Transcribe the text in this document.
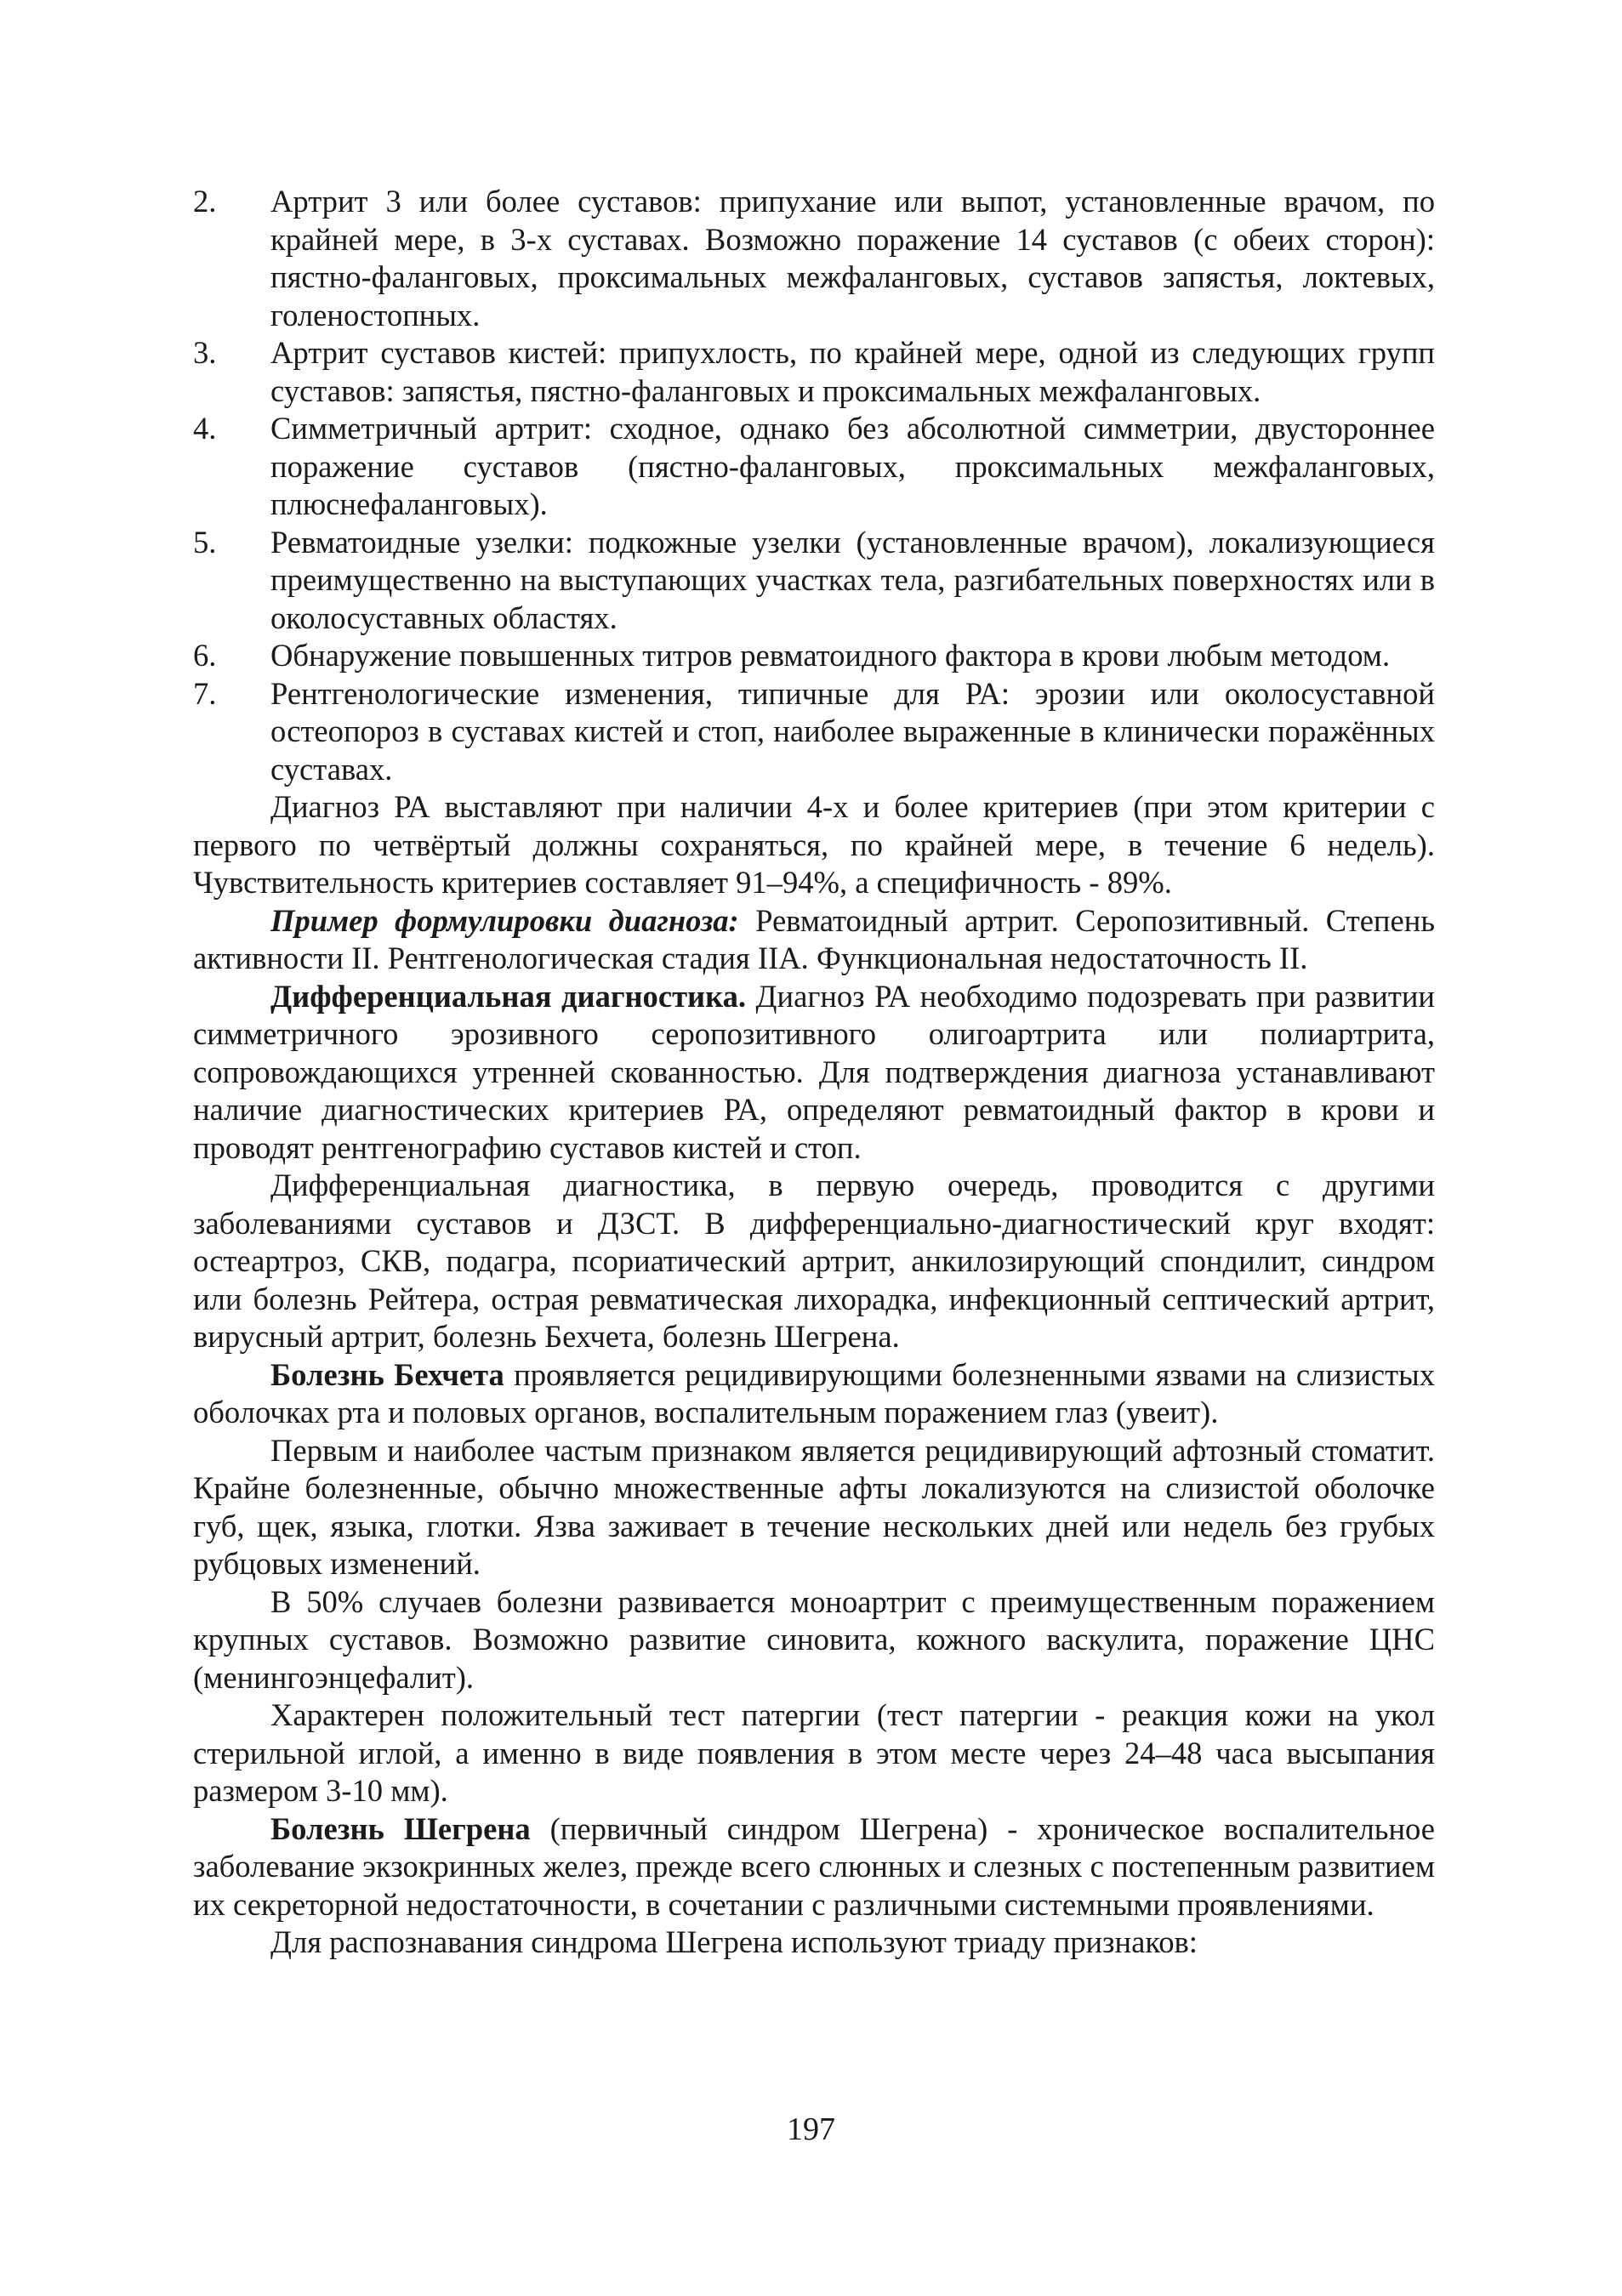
2. Артрит 3 или более суставов: припухание или выпот, установленные врачом, по крайней мере, в 3-х суставах. Возможно поражение 14 суставов (с обеих сторон): пястно-фаланговых, проксимальных межфаланговых, суставов запястья, локтевых, голеностопных.
3. Артрит суставов кистей: припухлость, по крайней мере, одной из следующих групп суставов: запястья, пястно-фаланговых и проксимальных межфаланговых.
4. Симметричный артрит: сходное, однако без абсолютной симметрии, двустороннее поражение суставов (пястно-фаланговых, проксимальных межфаланговых, плюснефаланговых).
5. Ревматоидные узелки: подкожные узелки (установленные врачом), локализующиеся преимущественно на выступающих участках тела, разгибательных поверхностях или в околосуставных областях.
6. Обнаружение повышенных титров ревматоидного фактора в крови любым методом.
7. Рентгенологические изменения, типичные для РА: эрозии или околосуставной остеопороз в суставах кистей и стоп, наиболее выраженные в клинически поражённых суставах.

Диагноз РА выставляют при наличии 4-х и более критериев (при этом критерии с первого по четвёртый должны сохраняться, по крайней мере, в течение 6 недель). Чувствительность критериев составляет 91–94%, а специфичность - 89%.

Пример формулировки диагноза: Ревматоидный артрит. Серопозитивный. Степень активности II. Рентгенологическая стадия IIA. Функциональная недостаточность II.

Дифференциальная диагностика. Диагноз РА необходимо подозревать при развитии симметричного эрозивного серопозитивного олигоартрита или полиартрита, сопровождающихся утренней скованностью. Для подтверждения диагноза устанавливают наличие диагностических критериев РА, определяют ревматоидный фактор в крови и проводят рентгенографию суставов кистей и стоп.

Дифференциальная диагностика, в первую очередь, проводится с другими заболеваниями суставов и ДЗСТ. В дифференциально-диагностический круг входят: остеартроз, СКВ, подагра, псориатический артрит, анкилозирующий спондилит, синдром или болезнь Рейтера, острая ревматическая лихорадка, инфекционный септический артрит, вирусный артрит, болезнь Бехчета, болезнь Шегрена.

Болезнь Бехчета проявляется рецидивирующими болезненными язвами на слизистых оболочках рта и половых органов, воспалительным поражением глаз (увеит).

Первым и наиболее частым признаком является рецидивирующий афтозный стоматит. Крайне болезненные, обычно множественные афты локализуются на слизистой оболочке губ, щек, языка, глотки. Язва заживает в течение нескольких дней или недель без грубых рубцовых изменений.

В 50% случаев болезни развивается моноартрит с преимущественным поражением крупных суставов. Возможно развитие синовита, кожного васкулита, поражение ЦНС (менингоэнцефалит).

Характерен положительный тест патергии (тест патергии - реакция кожи на укол стерильной иглой, а именно в виде появления в этом месте через 24–48 часа высыпания размером 3-10 мм).

Болезнь Шегрена (первичный синдром Шегрена) - хроническое воспалительное заболевание экзокринных желез, прежде всего слюнных и слезных с постепенным развитием их секреторной недостаточности, в сочетании с различными системными проявлениями.

Для распознавания синдрома Шегрена используют триаду признаков:

197
